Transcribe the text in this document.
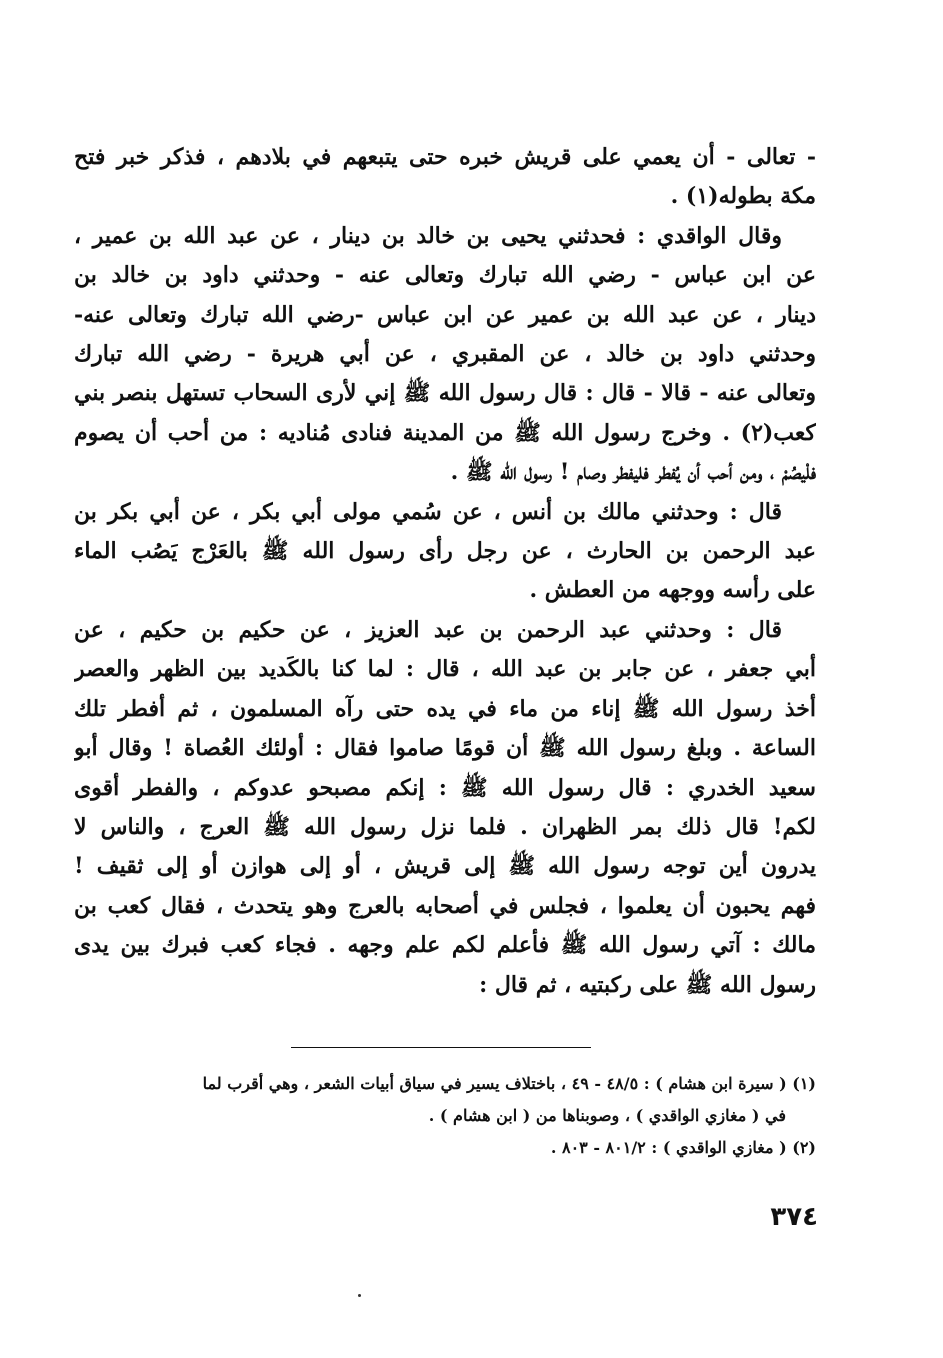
- تعالى - أن يعمي على قريش خبره حتى يتبعهم في بلادهم ، فذكر خبر فتح
مكة بطوله(١) .
وقال الواقدي : فحدثني يحيى بن خالد بن دينار ، عن عبد الله بن عمير ،
عن ابن عباس - رضي الله تبارك وتعالى عنه - وحدثني داود بن خالد بن
دينار ، عن عبد الله بن عمير عن ابن عباس -رضي الله تبارك وتعالى عنه-
وحدثني داود بن خالد ، عن المقبري ، عن أبي هريرة - رضي الله تبارك
وتعالى عنه - قالا - قال : قال رسول الله ﷺ إني لأرى السحاب تستهل بنصر بني
كعب(٢) . وخرج رسول الله ﷺ من المدينة فنادى مُناديه : من أحب أن يصوم
فلْيصُمْ ، ومن أحب أن يُفطر فليفطر وصام ! رسول الله ﷺ .
قال : وحدثني مالك بن أنس ، عن سُمي مولى أبي بكر ، عن أبي بكر بن
عبد الرحمن بن الحارث ، عن رجل رأى رسول الله ﷺ بالعَرْج يَصُب الماء
على رأسه ووجهه من العطش .
قال : وحدثني عبد الرحمن بن عبد العزيز ، عن حكيم بن حكيم ، عن
أبي جعفر ، عن جابر بن عبد الله ، قال : لما كنا بالكَديد بين الظهر والعصر
أخذ رسول الله ﷺ إناء من ماء في يده حتى رآه المسلمون ، ثم أفطر تلك
الساعة . وبلغ رسول الله ﷺ أن قومًا صاموا فقال : أولئك العُصاة ! وقال أبو
سعيد الخدري : قال رسول الله ﷺ : إنكم مصبحو عدوكم ، والفطر أقوى
لكم! قال ذلك بمر الظهران . فلما نزل رسول الله ﷺ العرج ، والناس لا
يدرون أين توجه رسول الله ﷺ إلى قريش ، أو إلى هوازن أو إلى ثقيف !
فهم يحبون أن يعلموا ، فجلس في أصحابه بالعرج وهو يتحدث ، فقال كعب بن
مالك : آتي رسول الله ﷺ فأعلم لكم علم وجهه . فجاء كعب فبرك بين يدى
رسول الله ﷺ على ركبتيه ، ثم قال :
(١) ( سيرة ابن هشام ) : ٤٨/٥ - ٤٩ ، باختلاف يسير في سياق أبيات الشعر ، وهي أقرب لما
في ( مغازي الواقدي ) ، وصوبناها من ( ابن هشام ) .
(٢) ( مغازي الواقدي ) : ٨٠١/٢ - ٨٠٣ .
٣٧٤
